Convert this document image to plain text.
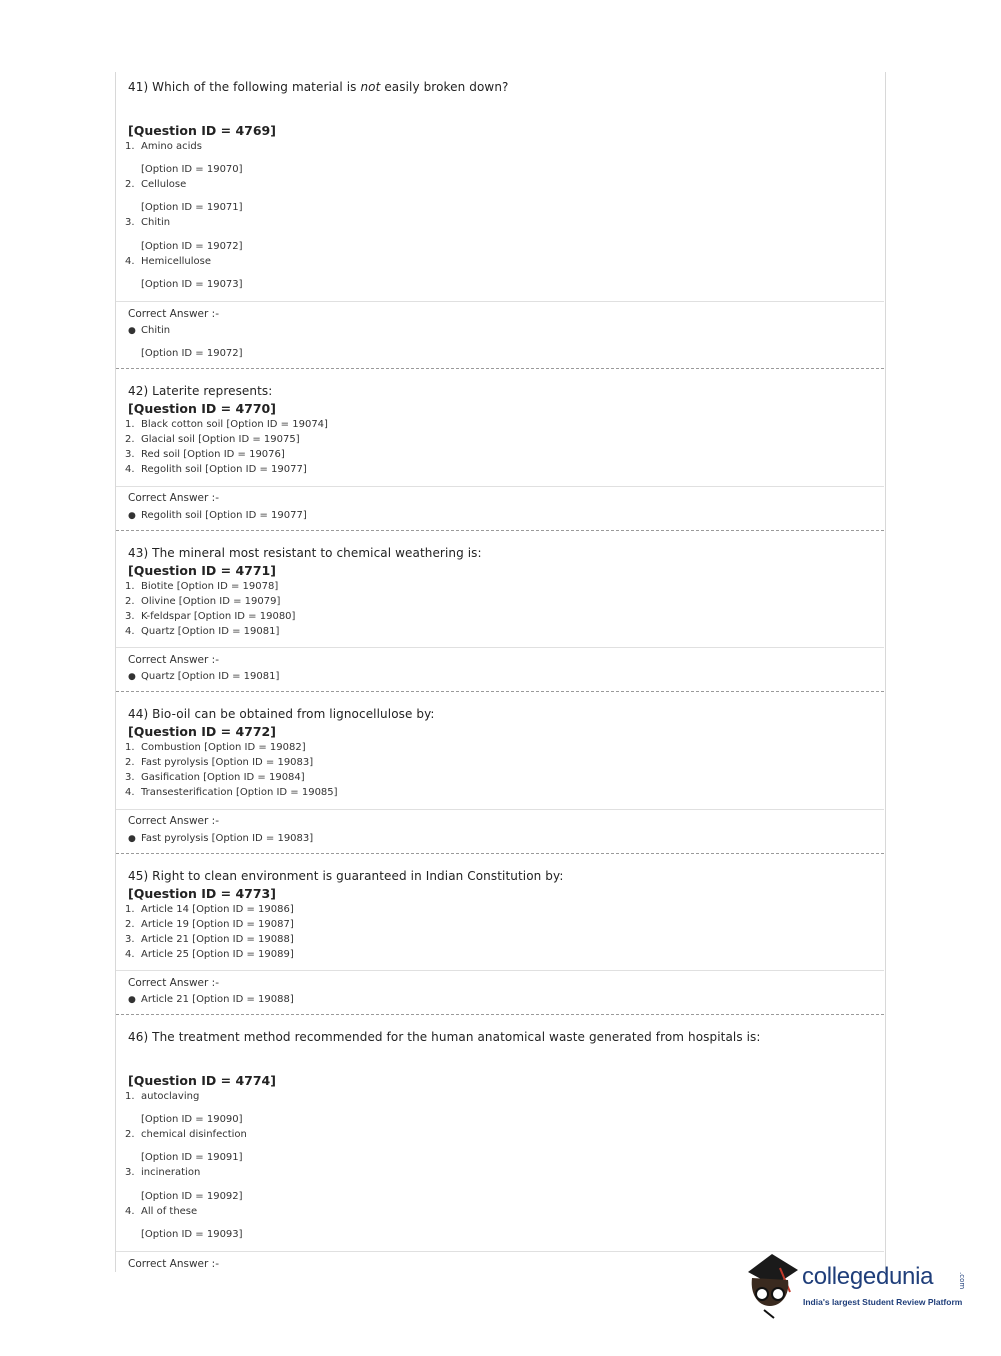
41) Which of the following material is not easily broken down?
[Question ID = 4769]
1. Amino acids
[Option ID = 19070]
2. Cellulose
[Option ID = 19071]
3. Chitin
[Option ID = 19072]
4. Hemicellulose
[Option ID = 19073]
Correct Answer :-
● Chitin
[Option ID = 19072]
42) Laterite represents:
[Question ID = 4770]
1. Black cotton soil [Option ID = 19074]
2. Glacial soil [Option ID = 19075]
3. Red soil [Option ID = 19076]
4. Regolith soil [Option ID = 19077]
Correct Answer :-
● Regolith soil [Option ID = 19077]
43) The mineral most resistant to chemical weathering is:
[Question ID = 4771]
1. Biotite [Option ID = 19078]
2. Olivine [Option ID = 19079]
3. K-feldspar [Option ID = 19080]
4. Quartz [Option ID = 19081]
Correct Answer :-
● Quartz [Option ID = 19081]
44) Bio-oil can be obtained from lignocellulose by:
[Question ID = 4772]
1. Combustion [Option ID = 19082]
2. Fast pyrolysis [Option ID = 19083]
3. Gasification [Option ID = 19084]
4. Transesterification [Option ID = 19085]
Correct Answer :-
● Fast pyrolysis [Option ID = 19083]
45) Right to clean environment is guaranteed in Indian Constitution by:
[Question ID = 4773]
1. Article 14 [Option ID = 19086]
2. Article 19 [Option ID = 19087]
3. Article 21 [Option ID = 19088]
4. Article 25 [Option ID = 19089]
Correct Answer :-
● Article 21 [Option ID = 19088]
46) The treatment method recommended for the human anatomical waste generated from hospitals is:
[Question ID = 4774]
1. autoclaving
[Option ID = 19090]
2. chemical disinfection
[Option ID = 19091]
3. incineration
[Option ID = 19092]
4. All of these
[Option ID = 19093]
Correct Answer :-	collegedunia	.com
India's largest Student Review Platform
